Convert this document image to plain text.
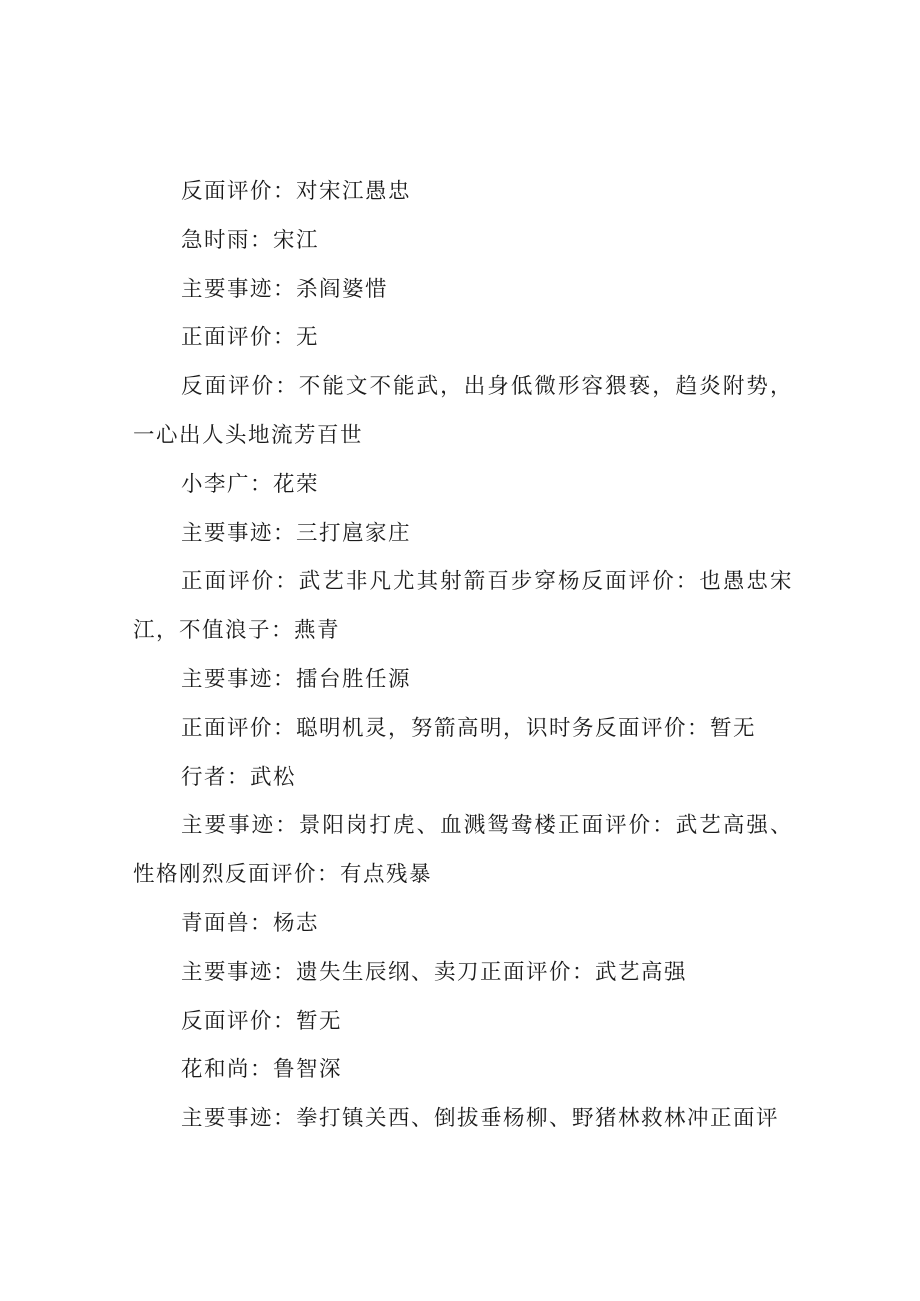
反面评价：对宋江愚忠

急时雨：宋江

主要事迹：杀阎婆惜

正面评价：无

反面评价：不能文不能武，出身低微形容猥亵，趋炎附势，一心出人头地流芳百世

小李广：花荣

主要事迹：三打扈家庄

正面评价：武艺非凡尤其射箭百步穿杨反面评价：也愚忠宋江，不值浪子：燕青

主要事迹：擂台胜任源

正面评价：聪明机灵，努箭高明，识时务反面评价：暂无

行者：武松

主要事迹：景阳岗打虎、血溅鸳鸯楼正面评价：武艺高强、性格刚烈反面评价：有点残暴

青面兽：杨志

主要事迹：遗失生辰纲、卖刀正面评价：武艺高强

反面评价：暂无

花和尚：鲁智深

主要事迹：拳打镇关西、倒拔垂杨柳、野猪林救林冲正面评
